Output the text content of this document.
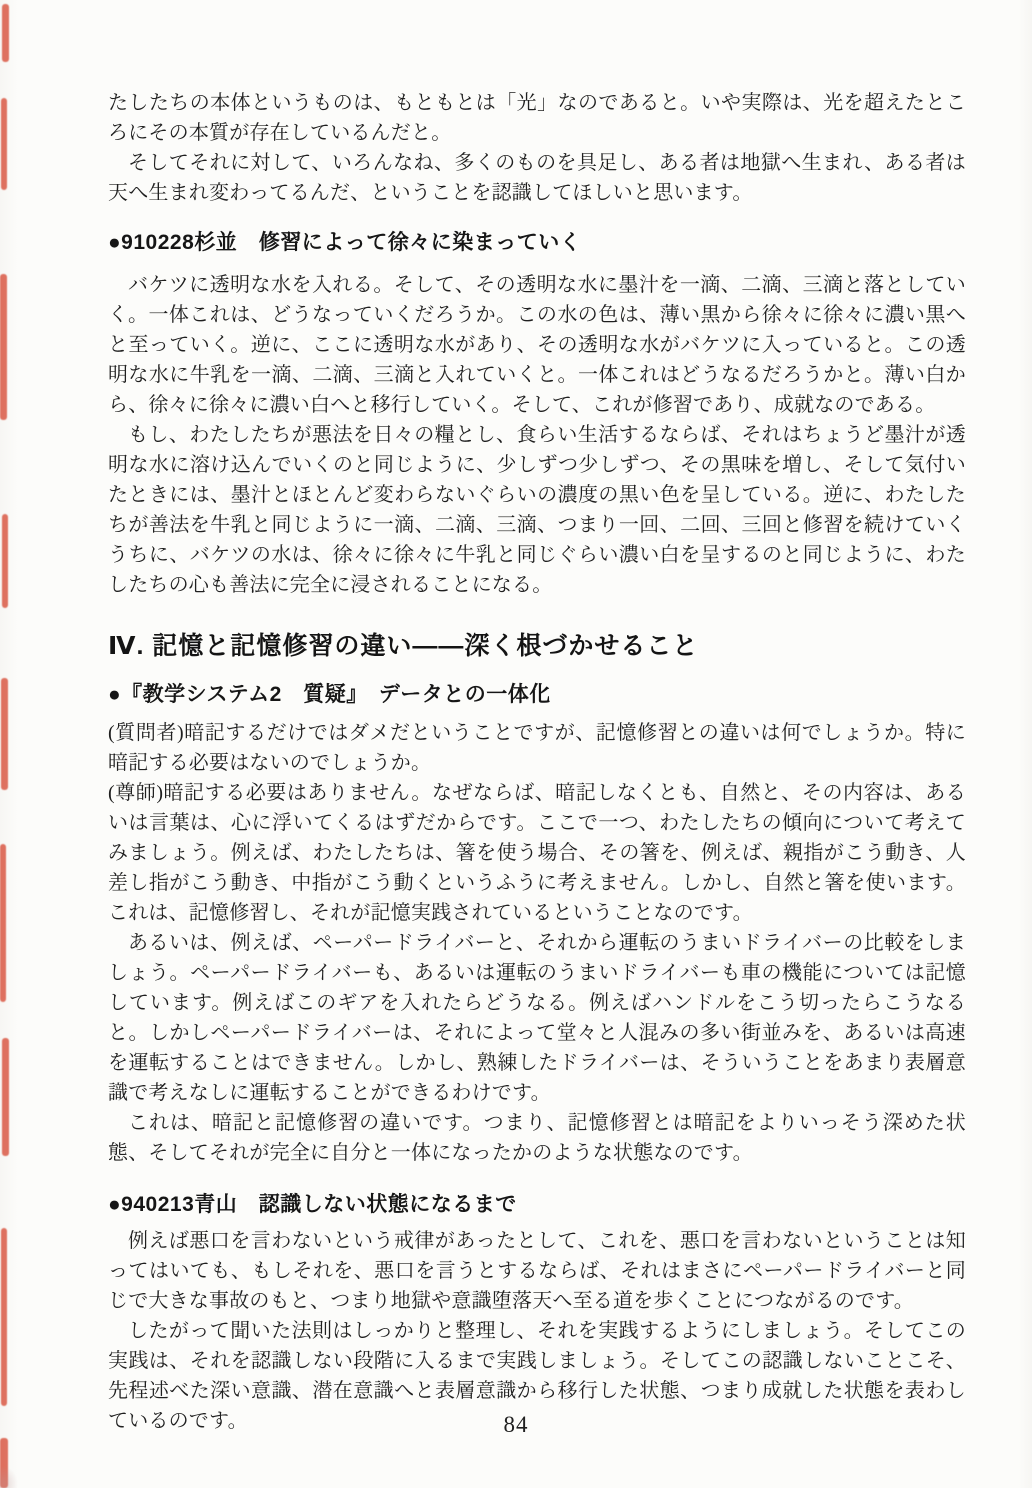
たしたちの本体というものは、もともとは「光」なのであると。いや実際は、光を超えたところにその本質が存在しているんだと。

そしてそれに対して、いろんなね、多くのものを具足し、ある者は地獄へ生まれ、ある者は天へ生まれ変わってるんだ、ということを認識してほしいと思います。

●910228杉並　修習によって徐々に染まっていく

バケツに透明な水を入れる。そして、その透明な水に墨汁を一滴、二滴、三滴と落としていく。一体これは、どうなっていくだろうか。この水の色は、薄い黒から徐々に徐々に濃い黒へと至っていく。逆に、ここに透明な水があり、その透明な水がバケツに入っていると。この透明な水に牛乳を一滴、二滴、三滴と入れていくと。一体これはどうなるだろうかと。薄い白から、徐々に徐々に濃い白へと移行していく。そして、これが修習であり、成就なのである。

もし、わたしたちが悪法を日々の糧とし、食らい生活するならば、それはちょうど墨汁が透明な水に溶け込んでいくのと同じように、少しずつ少しずつ、その黒味を増し、そして気付いたときには、墨汁とほとんど変わらないぐらいの濃度の黒い色を呈している。逆に、わたしたちが善法を牛乳と同じように一滴、二滴、三滴、つまり一回、二回、三回と修習を続けていくうちに、バケツの水は、徐々に徐々に牛乳と同じぐらい濃い白を呈するのと同じように、わたしたちの心も善法に完全に浸されることになる。

Ⅳ. 記憶と記憶修習の違い――深く根づかせること
●『教学システム2　質疑』　データとの一体化

(質問者)暗記するだけではダメだということですが、記憶修習との違いは何でしょうか。特に暗記する必要はないのでしょうか。

(尊師)暗記する必要はありません。なぜならば、暗記しなくとも、自然と、その内容は、あるいは言葉は、心に浮いてくるはずだからです。ここで一つ、わたしたちの傾向について考えてみましょう。例えば、わたしたちは、箸を使う場合、その箸を、例えば、親指がこう動き、人差し指がこう動き、中指がこう動くというふうに考えません。しかし、自然と箸を使います。これは、記憶修習し、それが記憶実践されているということなのです。

あるいは、例えば、ペーパードライバーと、それから運転のうまいドライバーの比較をしましょう。ペーパードライバーも、あるいは運転のうまいドライバーも車の機能については記憶しています。例えばこのギアを入れたらどうなる。例えばハンドルをこう切ったらこうなると。しかしペーパードライバーは、それによって堂々と人混みの多い街並みを、あるいは高速を運転することはできません。しかし、熟練したドライバーは、そういうことをあまり表層意識で考えなしに運転することができるわけです。

これは、暗記と記憶修習の違いです。つまり、記憶修習とは暗記をよりいっそう深めた状態、そしてそれが完全に自分と一体になったかのような状態なのです。

●940213青山　認識しない状態になるまで

例えば悪口を言わないという戒律があったとして、これを、悪口を言わないということは知ってはいても、もしそれを、悪口を言うとするならば、それはまさにペーパードライバーと同じで大きな事故のもと、つまり地獄や意識堕落天へ至る道を歩くことにつながるのです。

したがって聞いた法則はしっかりと整理し、それを実践するようにしましょう。そしてこの実践は、それを認識しない段階に入るまで実践しましょう。そしてこの認識しないことこそ、先程述べた深い意識、潜在意識へと表層意識から移行した状態、つまり成就した状態を表わしているのです。	84
